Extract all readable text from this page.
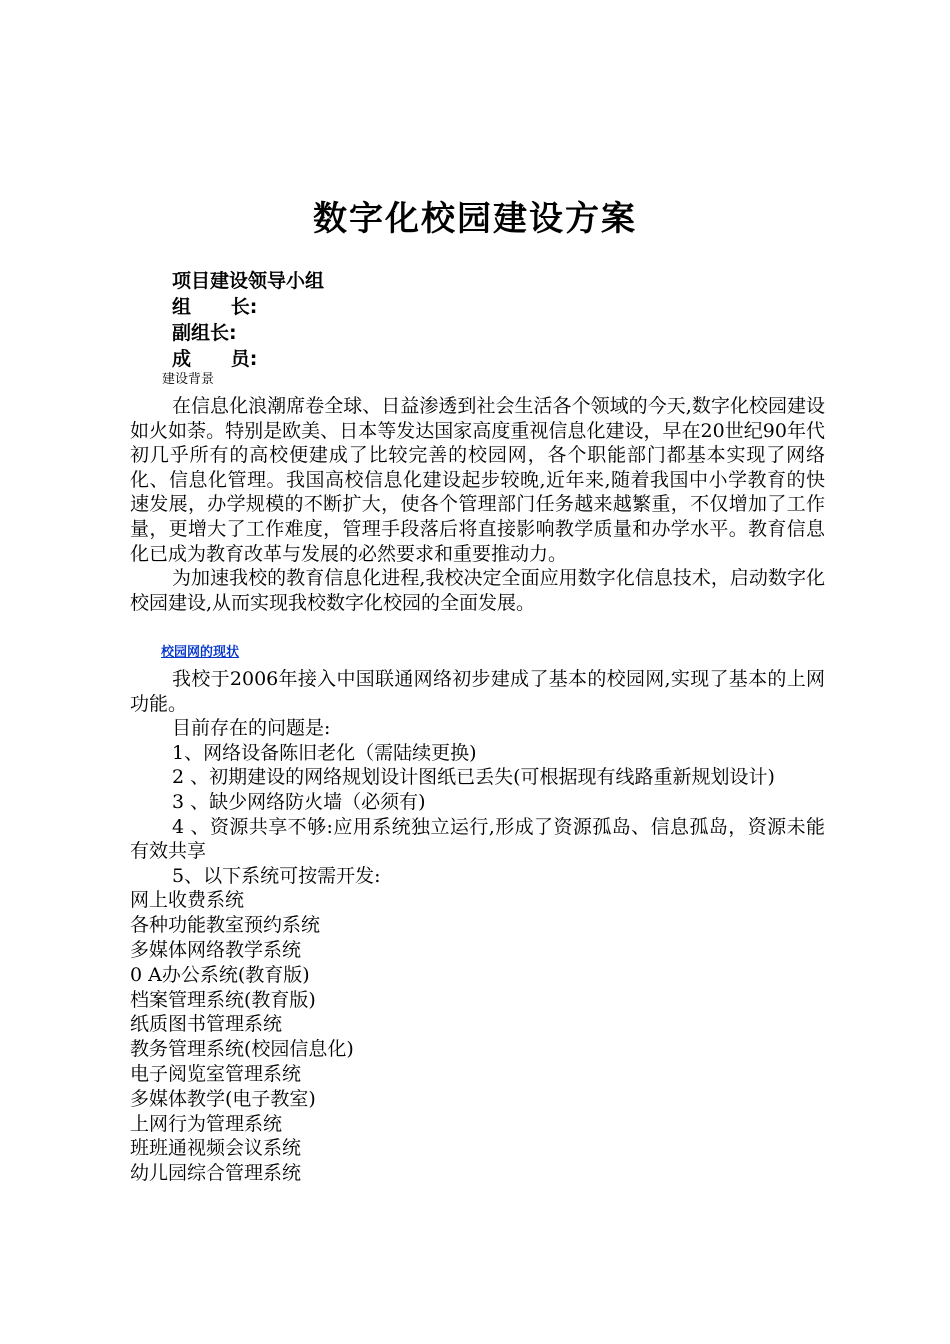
数字化校园建设方案
项目建设领导小组
组      长:
副组长:
成      员:
建设背景

在信息化浪潮席卷全球、日益渗透到社会生活各个领域的今天,数字化校园建设如火如荼。特别是欧美、日本等发达国家高度重视信息化建设，早在20世纪90年代初几乎所有的高校便建成了比较完善的校园网，各个职能部门都基本实现了网络化、信息化管理。我国高校信息化建设起步较晚,近年来,随着我国中小学教育的快速发展，办学规模的不断扩大，使各个管理部门任务越来越繁重，不仅增加了工作量，更增大了工作难度，管理手段落后将直接影响教学质量和办学水平。教育信息化已成为教育改革与发展的必然要求和重要推动力。

为加速我校的教育信息化进程,我校决定全面应用数字化信息技术，启动数字化校园建设,从而实现我校数字化校园的全面发展。

校园网的现状

我校于2006年接入中国联通网络初步建成了基本的校园网,实现了基本的上网功能。

目前存在的问题是:

1、网络设备陈旧老化（需陆续更换)

2 、初期建设的网络规划设计图纸已丢失(可根据现有线路重新规划设计)

3 、缺少网络防火墙（必须有)

4 、资源共享不够:应用系统独立运行,形成了资源孤岛、信息孤岛，资源未能有效共享

5、以下系统可按需开发:

网上收费系统
各种功能教室预约系统
多媒体网络教学系统
0 A办公系统(教育版)
档案管理系统(教育版)
纸质图书管理系统
教务管理系统(校园信息化)
电子阅览室管理系统
多媒体教学(电子教室)
上网行为管理系统
班班通视频会议系统
幼儿园综合管理系统
